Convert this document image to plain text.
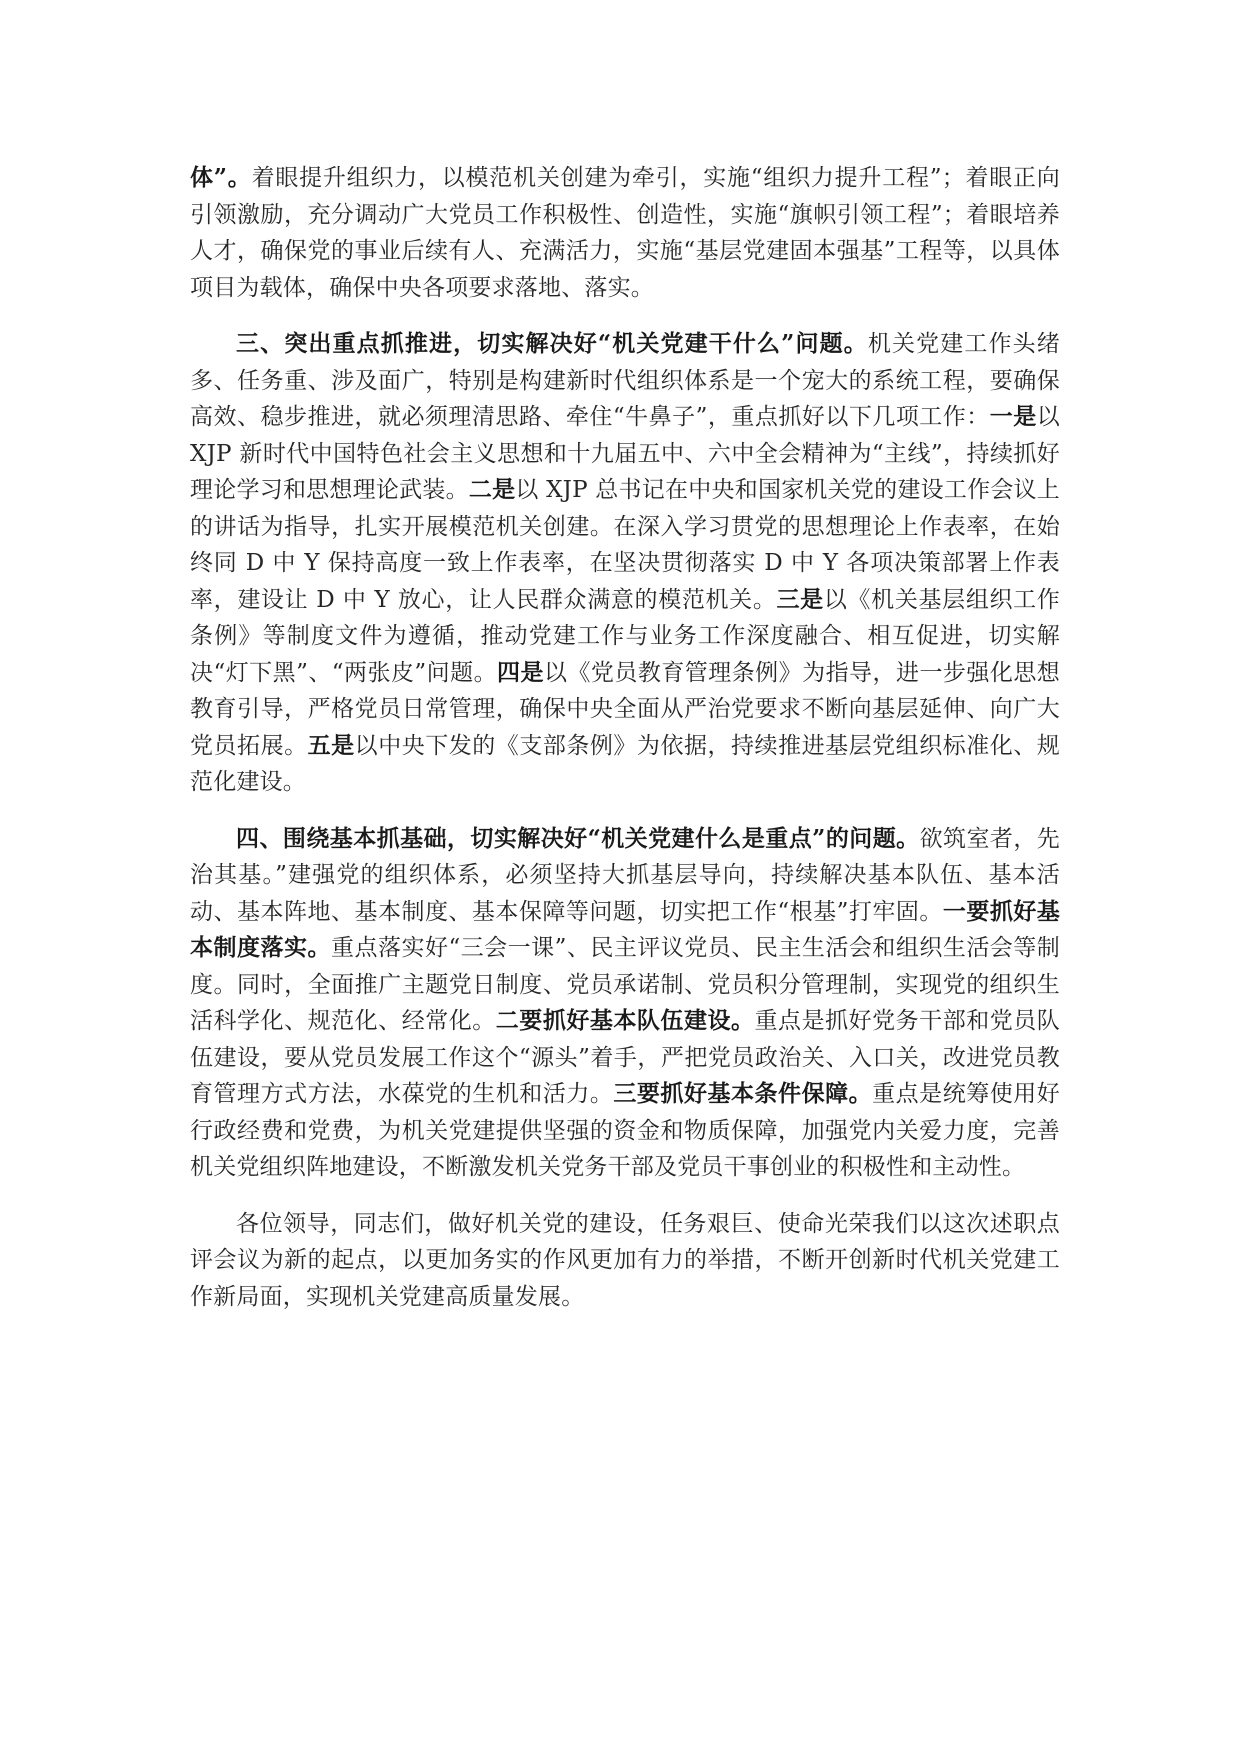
体”。着眼提升组织力，以模范机关创建为牵引，实施“组织力提升工程”；着眼正向引领激励，充分调动广大党员工作积极性、创造性，实施“旗帜引领工程”；着眼培养人才，确保党的事业后续有人、充满活力，实施“基层党建固本强基”工程等，以具体项目为载体，确保中央各项要求落地、落实。

三、突出重点抓推进，切实解决好“机关党建干什么”问题。机关党建工作头绪多、任务重、涉及面广，特别是构建新时代组织体系是一个宠大的系统工程，要确保高效、稳步推进，就必须理清思路、牵住“牛鼻子”，重点抓好以下几项工作：一是以 XJP 新时代中国特色社会主义思想和十九届五中、六中全会精神为“主线”，持续抓好理论学习和思想理论武装。二是以 XJP 总书记在中央和国家机关党的建设工作会议上的讲话为指导，扎实开展模范机关创建。在深入学习贯党的思想理论上作表率，在始终同 D 中 Y 保持高度一致上作表率，在坚决贯彻落实 D 中 Y 各项决策部署上作表率，建设让 D 中 Y 放心，让人民群众满意的模范机关。三是以《机关基层组织工作条例》等制度文件为遵循，推动党建工作与业务工作深度融合、相互促进，切实解决“灯下黑”、“两张皮”问题。四是以《党员教育管理条例》为指导，进一步强化思想教育引导，严格党员日常管理，确保中央全面从严治党要求不断向基层延伸、向广大党员拓展。五是以中央下发的《支部条例》为依据，持续推进基层党组织标准化、规范化建设。

四、围绕基本抓基础，切实解决好“机关党建什么是重点”的问题。欲筑室者，先治其基。”建强党的组织体系，必须坚持大抓基层导向，持续解决基本队伍、基本活动、基本阵地、基本制度、基本保障等问题，切实把工作“根基”打牢固。一要抓好基本制度落实。重点落实好“三会一课”、民主评议党员、民主生活会和组织生活会等制度。同时，全面推广主题党日制度、党员承诺制、党员积分管理制，实现党的组织生活科学化、规范化、经常化。二要抓好基本队伍建设。重点是抓好党务干部和党员队伍建设，要从党员发展工作这个“源头”着手，严把党员政治关、入口关，改进党员教育管理方式方法，水葆党的生机和活力。三要抓好基本条件保障。重点是统筹使用好行政经费和党费，为机关党建提供坚强的资金和物质保障，加强党内关爱力度，完善机关党组织阵地建设，不断激发机关党务干部及党员干事创业的积极性和主动性。

各位领导，同志们，做好机关党的建设，任务艰巨、使命光荣我们以这次述职点评会议为新的起点，以更加务实的作风更加有力的举措，不断开创新时代机关党建工作新局面，实现机关党建高质量发展。
